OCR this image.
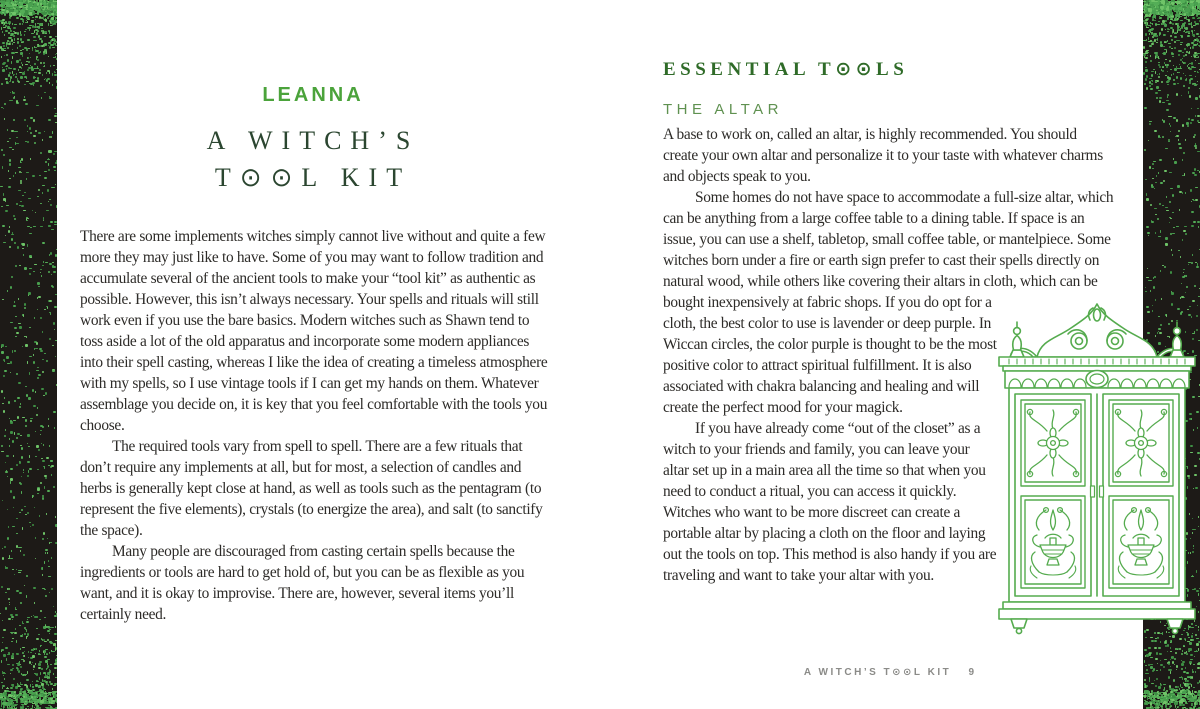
LEANNA
A WITCH’S
T⊙⊙L KIT

There are some implements witches simply cannot live without and quite a few more they may just like to have. Some of you may want to follow tradition and accumulate several of the ancient tools to make your “tool kit” as authentic as possible. However, this isn’t always necessary. Your spells and rituals will still work even if you use the bare basics. Modern witches such as Shawn tend to toss aside a lot of the old apparatus and incorporate some modern appliances into their spell casting, whereas I like the idea of creating a timeless atmosphere with my spells, so I use vintage tools if I can get my hands on them. Whatever assemblage you decide on, it is key that you feel comfortable with the tools you choose.

The required tools vary from spell to spell. There are a few rituals that don’t require any implements at all, but for most, a selection of candles and herbs is generally kept close at hand, as well as tools such as the pentagram (to represent the five elements), crystals (to energize the area), and salt (to sanctify the space).

Many people are discouraged from casting certain spells because the ingredients or tools are hard to get hold of, but you can be as flexible as you want, and it is okay to improvise. There are, however, several items you’ll certainly need.

ESSENTIAL T⊙⊙LS
THE ALTAR

A base to work on, called an altar, is highly recommended. You should create your own altar and personalize it to your taste with whatever charms and objects speak to you.

Some homes do not have space to accommodate a full-size altar, which can be anything from a large coffee table to a dining table. If space is an issue, you can use a shelf, tabletop, small coffee table, or mantelpiece. Some witches born under a fire or earth sign prefer to cast their spells directly on natural wood, while others like covering their altars in cloth, which can be bought inexpensively at fabric shops. If you do opt for a cloth, the best color to use is lavender or deep purple. In Wiccan circles, the color purple is thought to be the most positive color to attract spiritual fulfillment. It is also associated with chakra balancing and healing and will create the perfect mood for your magick.

If you have already come “out of the closet” as a witch to your friends and family, you can leave your altar set up in a main area all the time so that when you need to conduct a ritual, you can access it quickly. Witches who want to be more discreet can create a portable altar by placing a cloth on the floor and laying out the tools on top. This method is also handy if you are traveling and want to take your altar with you.

A WITCH’S T⊙⊙L KIT 9
